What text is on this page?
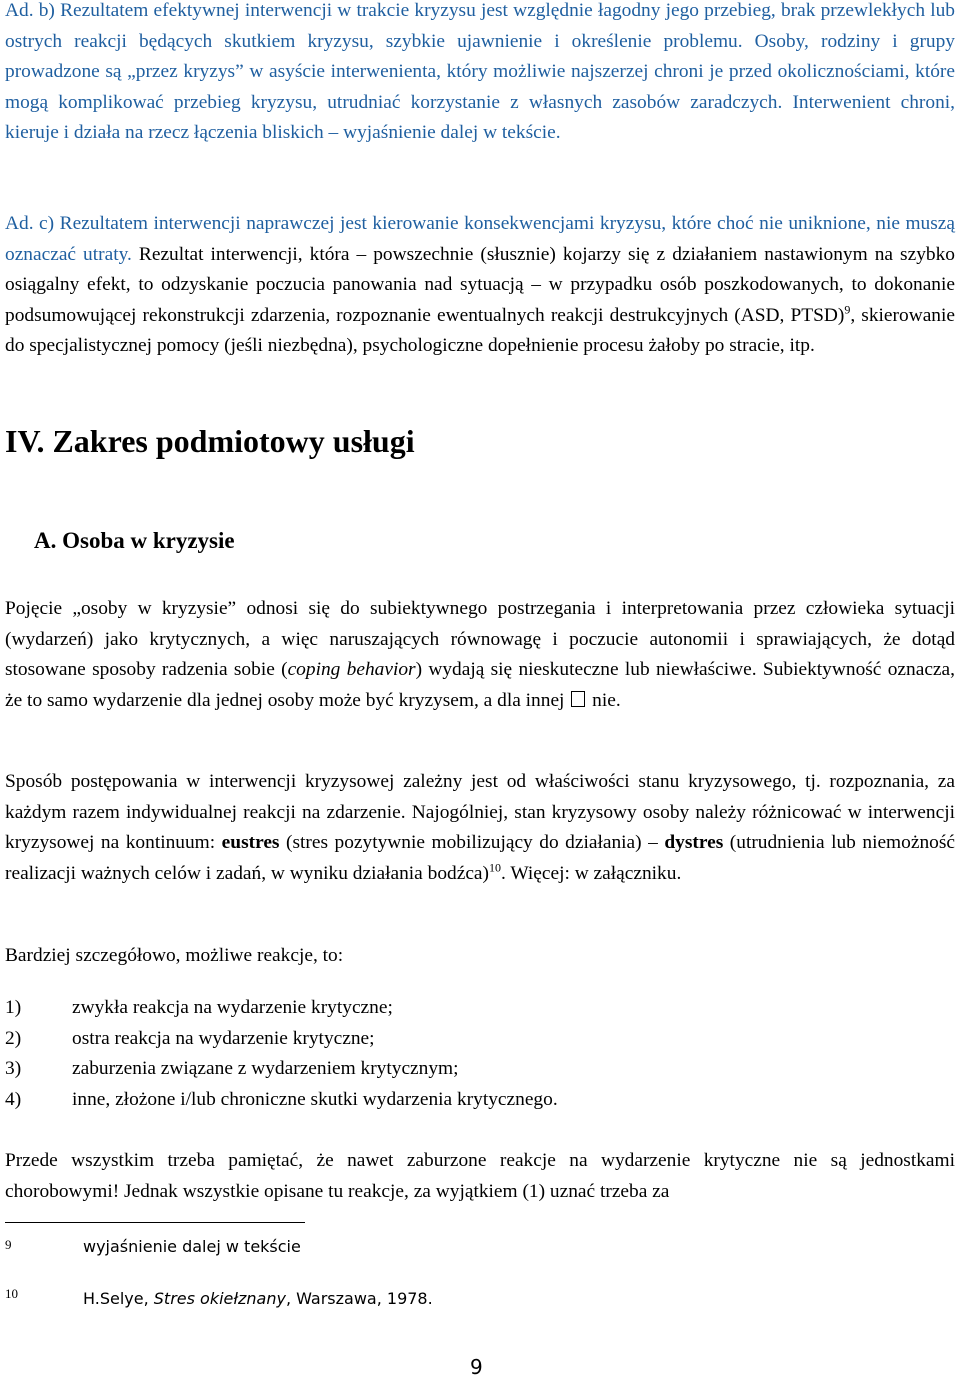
Ad. b) Rezultatem efektywnej interwencji w trakcie kryzysu jest względnie łagodny jego przebieg, brak przewlekłych lub ostrych reakcji będących skutkiem kryzysu, szybkie ujawnienie i określenie problemu. Osoby, rodziny i grupy prowadzone są „przez kryzys” w asyście interwenienta, który możliwie najszerzej chroni je przed okolicznościami, które mogą komplikować przebieg kryzysu, utrudniać korzystanie z własnych zasobów zaradczych. Interwenient chroni, kieruje i działa na rzecz łączenia bliskich – wyjaśnienie dalej w tekście.

Ad. c) Rezultatem interwencji naprawczej jest kierowanie konsekwencjami kryzysu, które choć nie uniknione, nie muszą oznaczać utraty. Rezultat interwencji, która – powszechnie (słusznie) kojarzy się z działaniem nastawionym na szybko osiągalny efekt, to odzyskanie poczucia panowania nad sytuacją – w przypadku osób poszkodowanych, to dokonanie podsumowującej rekonstrukcji zdarzenia, rozpoznanie ewentualnych reakcji destrukcyjnych (ASD, PTSD)$^9$, skierowanie do specjalistycznej pomocy (jeśli niezbędna), psychologiczne dopełnienie procesu żałoby po stracie, itp.

IV. Zakres podmiotowy usługi
A. Osoba w kryzysie

Pojęcie „osoby w kryzysie” odnosi się do subiektywnego postrzegania i interpretowania przez człowieka sytuacji (wydarzeń) jako krytycznych, a więc naruszających równowagę i poczucie autonomii i sprawiających, że dotąd stosowane sposoby radzenia sobie (coping behavior) wydają się nieskuteczne lub niewłaściwe. Subiektywność oznacza, że to samo wydarzenie dla jednej osoby może być kryzysem, a dla innej  nie.

Sposób postępowania w interwencji kryzysowej zależny jest od właściwości stanu kryzysowego, tj. rozpoznania, za każdym razem indywidualnej reakcji na zdarzenie. Najogólniej, stan kryzysowy osoby należy różnicować w interwencji kryzysowej na kontinuum: eustres (stres pozytywnie mobilizujący do działania) – dystres (utrudnienia lub niemożność realizacji ważnych celów i zadań, w wyniku działania bodźca)$^{10}$. Więcej: w załączniku.

Bardziej szczegółowo, możliwe reakcje, to:

1)	zwykła reakcja na wydarzenie krytyczne;
2)	ostra reakcja na wydarzenie krytyczne;
3)	zaburzenia związane z wydarzeniem krytycznym;
4)	inne, złożone i/lub chroniczne skutki wydarzenia krytycznego.

Przede wszystkim trzeba pamiętać, że nawet zaburzone reakcje na wydarzenie krytyczne nie są jednostkami chorobowymi! Jednak wszystkie opisane tu reakcje, za wyjątkiem (1) uznać trzeba za

9	wyjaśnienie dalej w tekście
10	H.Selye, Stres okiełznany, Warszawa, 1978.
9
